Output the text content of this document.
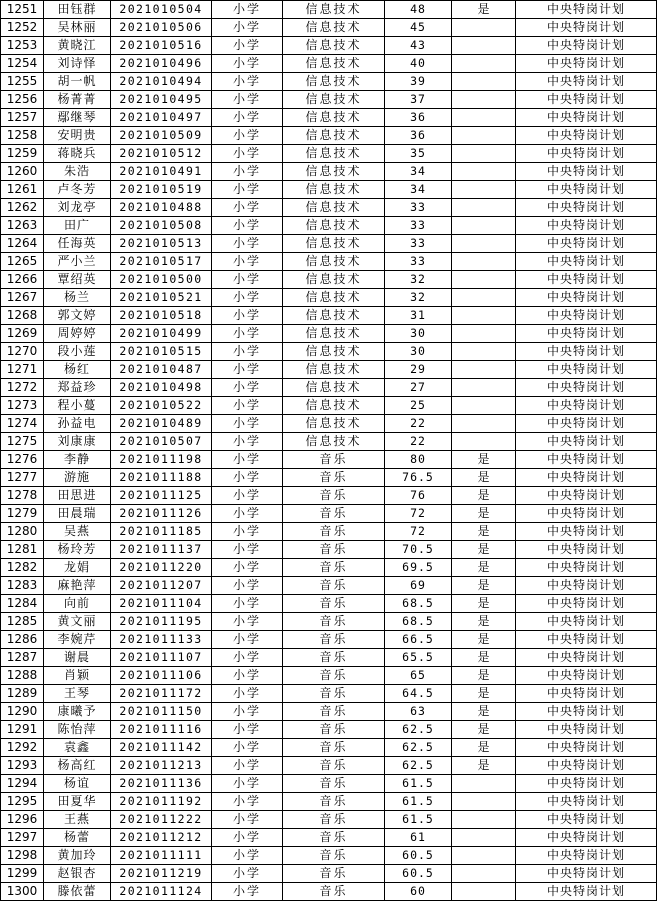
1251	田钰群	2021010504	小学	信息技术	48	是	中央特岗计划
1252	吴林丽	2021010506	小学	信息技术	45		中央特岗计划
1253	黄晓江	2021010516	小学	信息技术	43		中央特岗计划
1254	刘诗怿	2021010496	小学	信息技术	40		中央特岗计划
1255	胡一帆	2021010494	小学	信息技术	39		中央特岗计划
1256	杨菁菁	2021010495	小学	信息技术	37		中央特岗计划
1257	鄢继琴	2021010497	小学	信息技术	36		中央特岗计划
1258	安明贵	2021010509	小学	信息技术	36		中央特岗计划
1259	蒋晓兵	2021010512	小学	信息技术	35		中央特岗计划
1260	朱浩	2021010491	小学	信息技术	34		中央特岗计划
1261	卢冬芳	2021010519	小学	信息技术	34		中央特岗计划
1262	刘龙亭	2021010488	小学	信息技术	33		中央特岗计划
1263	田广	2021010508	小学	信息技术	33		中央特岗计划
1264	任海英	2021010513	小学	信息技术	33		中央特岗计划
1265	严小兰	2021010517	小学	信息技术	33		中央特岗计划
1266	覃绍英	2021010500	小学	信息技术	32		中央特岗计划
1267	杨兰	2021010521	小学	信息技术	32		中央特岗计划
1268	郭文婷	2021010518	小学	信息技术	31		中央特岗计划
1269	周婷婷	2021010499	小学	信息技术	30		中央特岗计划
1270	段小莲	2021010515	小学	信息技术	30		中央特岗计划
1271	杨红	2021010487	小学	信息技术	29		中央特岗计划
1272	郑益珍	2021010498	小学	信息技术	27		中央特岗计划
1273	程小蔓	2021010522	小学	信息技术	25		中央特岗计划
1274	孙益电	2021010489	小学	信息技术	22		中央特岗计划
1275	刘康康	2021010507	小学	信息技术	22		中央特岗计划
1276	李静	2021011198	小学	音乐	80	是	中央特岗计划
1277	游施	2021011188	小学	音乐	76.5	是	中央特岗计划
1278	田思进	2021011125	小学	音乐	76	是	中央特岗计划
1279	田晨瑞	2021011126	小学	音乐	72	是	中央特岗计划
1280	吴燕	2021011185	小学	音乐	72	是	中央特岗计划
1281	杨玲芳	2021011137	小学	音乐	70.5	是	中央特岗计划
1282	龙娟	2021011220	小学	音乐	69.5	是	中央特岗计划
1283	麻艳萍	2021011207	小学	音乐	69	是	中央特岗计划
1284	向前	2021011104	小学	音乐	68.5	是	中央特岗计划
1285	黄文丽	2021011195	小学	音乐	68.5	是	中央特岗计划
1286	李婉芹	2021011133	小学	音乐	66.5	是	中央特岗计划
1287	谢晨	2021011107	小学	音乐	65.5	是	中央特岗计划
1288	肖颖	2021011106	小学	音乐	65	是	中央特岗计划
1289	王琴	2021011172	小学	音乐	64.5	是	中央特岗计划
1290	康曦予	2021011150	小学	音乐	63	是	中央特岗计划
1291	陈怡萍	2021011116	小学	音乐	62.5	是	中央特岗计划
1292	袁鑫	2021011142	小学	音乐	62.5	是	中央特岗计划
1293	杨高红	2021011213	小学	音乐	62.5	是	中央特岗计划
1294	杨谊	2021011136	小学	音乐	61.5		中央特岗计划
1295	田夏华	2021011192	小学	音乐	61.5		中央特岗计划
1296	王燕	2021011222	小学	音乐	61.5		中央特岗计划
1297	杨蕾	2021011212	小学	音乐	61		中央特岗计划
1298	黄加玲	2021011111	小学	音乐	60.5		中央特岗计划
1299	赵银杏	2021011219	小学	音乐	60.5		中央特岗计划
1300	滕依蕾	2021011124	小学	音乐	60		中央特岗计划
